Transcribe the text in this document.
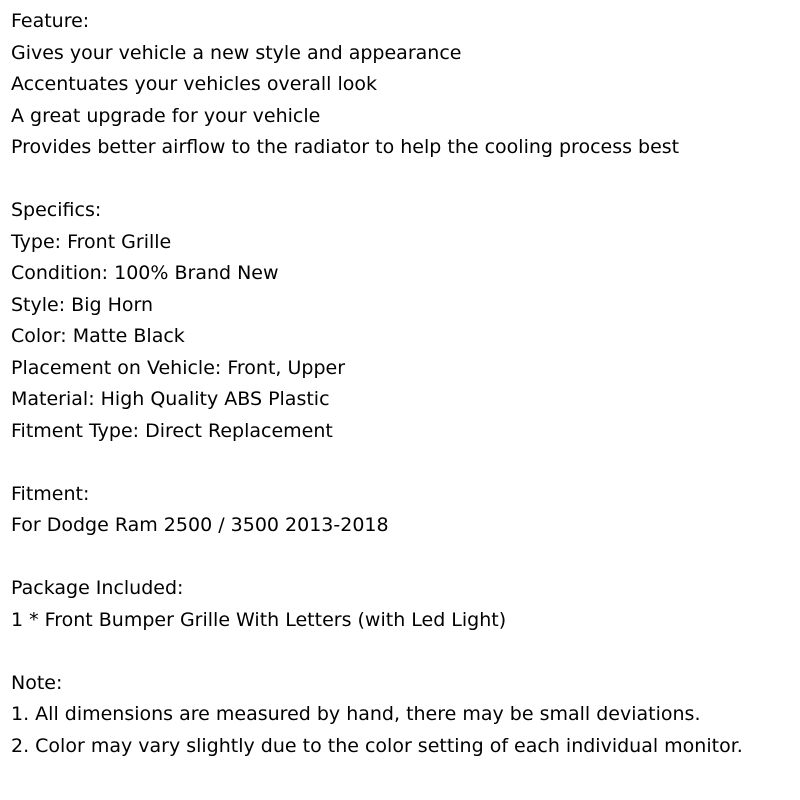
Feature:
Gives your vehicle a new style and appearance
Accentuates your vehicles overall look
A great upgrade for your vehicle
Provides better airflow to the radiator to help the cooling process best
Specifics:
Type: Front Grille
Condition: 100% Brand New
Style: Big Horn
Color: Matte Black
Placement on Vehicle: Front, Upper
Material: High Quality ABS Plastic
Fitment Type: Direct Replacement
Fitment:
For Dodge Ram 2500 / 3500 2013-2018
Package Included:
1 * Front Bumper Grille With Letters (with Led Light)
Note:
1. All dimensions are measured by hand, there may be small deviations.
2. Color may vary slightly due to the color setting of each individual monitor.
